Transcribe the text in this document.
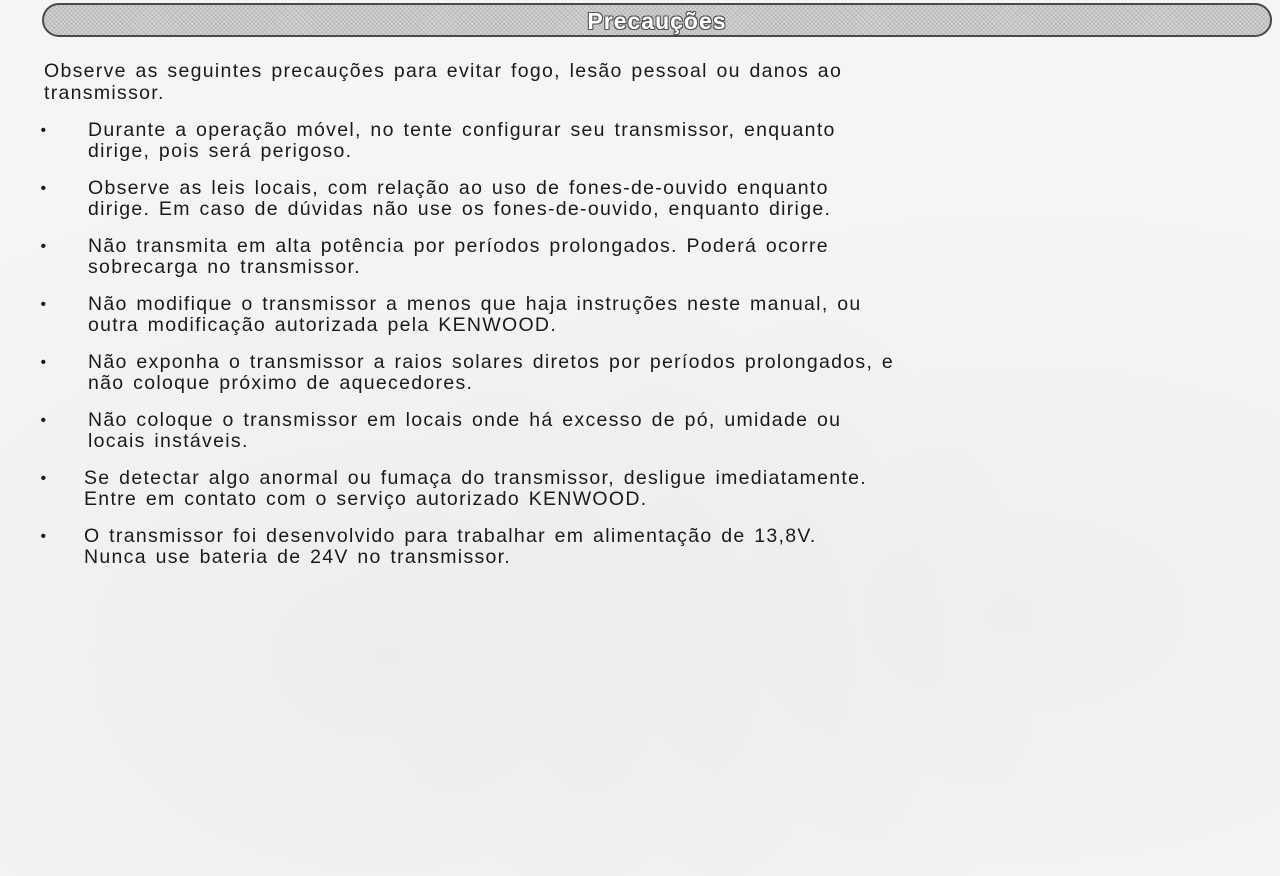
Precauções
Observe as seguintes precauções para evitar fogo, lesão pessoal ou danos ao
transmissor.
• Durante a operação móvel, no tente configurar seu transmissor, enquanto
dirige, pois será perigoso.
• Observe as leis locais, com relação ao uso de fones-de-ouvido enquanto
dirige. Em caso de dúvidas não use os fones-de-ouvido, enquanto dirige.
• Não transmita em alta potência por períodos prolongados. Poderá ocorre
sobrecarga no transmissor.
• Não modifique o transmissor a menos que haja instruções neste manual, ou
outra modificação autorizada pela KENWOOD.
• Não exponha o transmissor a raios solares diretos por períodos prolongados, e
não coloque próximo de aquecedores.
• Não coloque o transmissor em locais onde há excesso de pó, umidade ou
locais instáveis.
• Se detectar algo anormal ou fumaça do transmissor, desligue imediatamente.
Entre em contato com o serviço autorizado KENWOOD.
• O transmissor foi desenvolvido para trabalhar em alimentação de 13,8V.
Nunca use bateria de 24V no transmissor.
